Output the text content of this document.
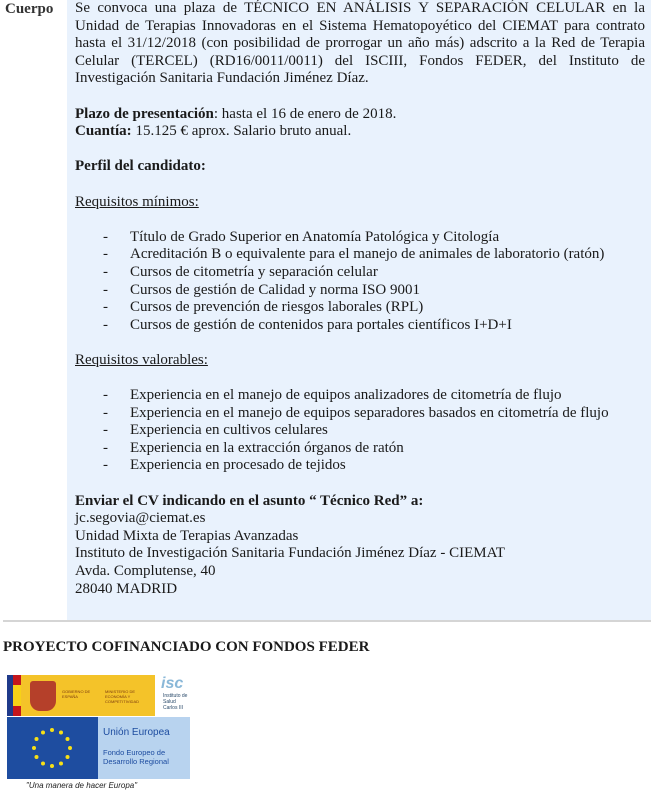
Cuerpo Se convoca una plaza de TÉCNICO EN ANÁLISIS Y SEPARACIÓN CELULAR en la Unidad de Terapias Innovadoras en el Sistema Hematopoyético del CIEMAT para contrato hasta el 31/12/2018 (con posibilidad de prorrogar un año más) adscrito a la Red de Terapia Celular (TERCEL) (RD16/0011/0011) del ISCIII, Fondos FEDER, del Instituto de Investigación Sanitaria Fundación Jiménez Díaz.

Plazo de presentación: hasta el 16 de enero de 2018.

Cuantía: 15.125 € aprox. Salario bruto anual.

Perfil del candidato:

Requisitos mínimos:

- Título de Grado Superior en Anatomía Patológica y Citología
- Acreditación B o equivalente para el manejo de animales de laboratorio (ratón)
- Cursos de citometría y separación celular
- Cursos de gestión de Calidad y norma ISO 9001
- Cursos de prevención de riesgos laborales (RPL)
- Cursos de gestión de contenidos para portales científicos I+D+I

Requisitos valorables:

- Experiencia en el manejo de equipos analizadores de citometría de flujo
- Experiencia en el manejo de equipos separadores basados en citometría de flujo
- Experiencia en cultivos celulares
- Experiencia en la extracción órganos de ratón
- Experiencia en procesado de tejidos

Enviar el CV indicando en el asunto “ Técnico Red” a:

jc.segovia@ciemat.es

Unidad Mixta de Terapias Avanzadas

Instituto de Investigación Sanitaria Fundación Jiménez Díaz - CIEMAT

Avda. Complutense, 40

28040 MADRID

PROYECTO COFINANCIADO CON FONDOS FEDER
GOBIERNO DE ESPAÑA
MINISTERIO DE ECONOMÍA Y COMPETITIVIDAD
isc
Instituto de Salud Carlos III
Unión Europea
Fondo Europeo de Desarrollo Regional
"Una manera de hacer Europa"
